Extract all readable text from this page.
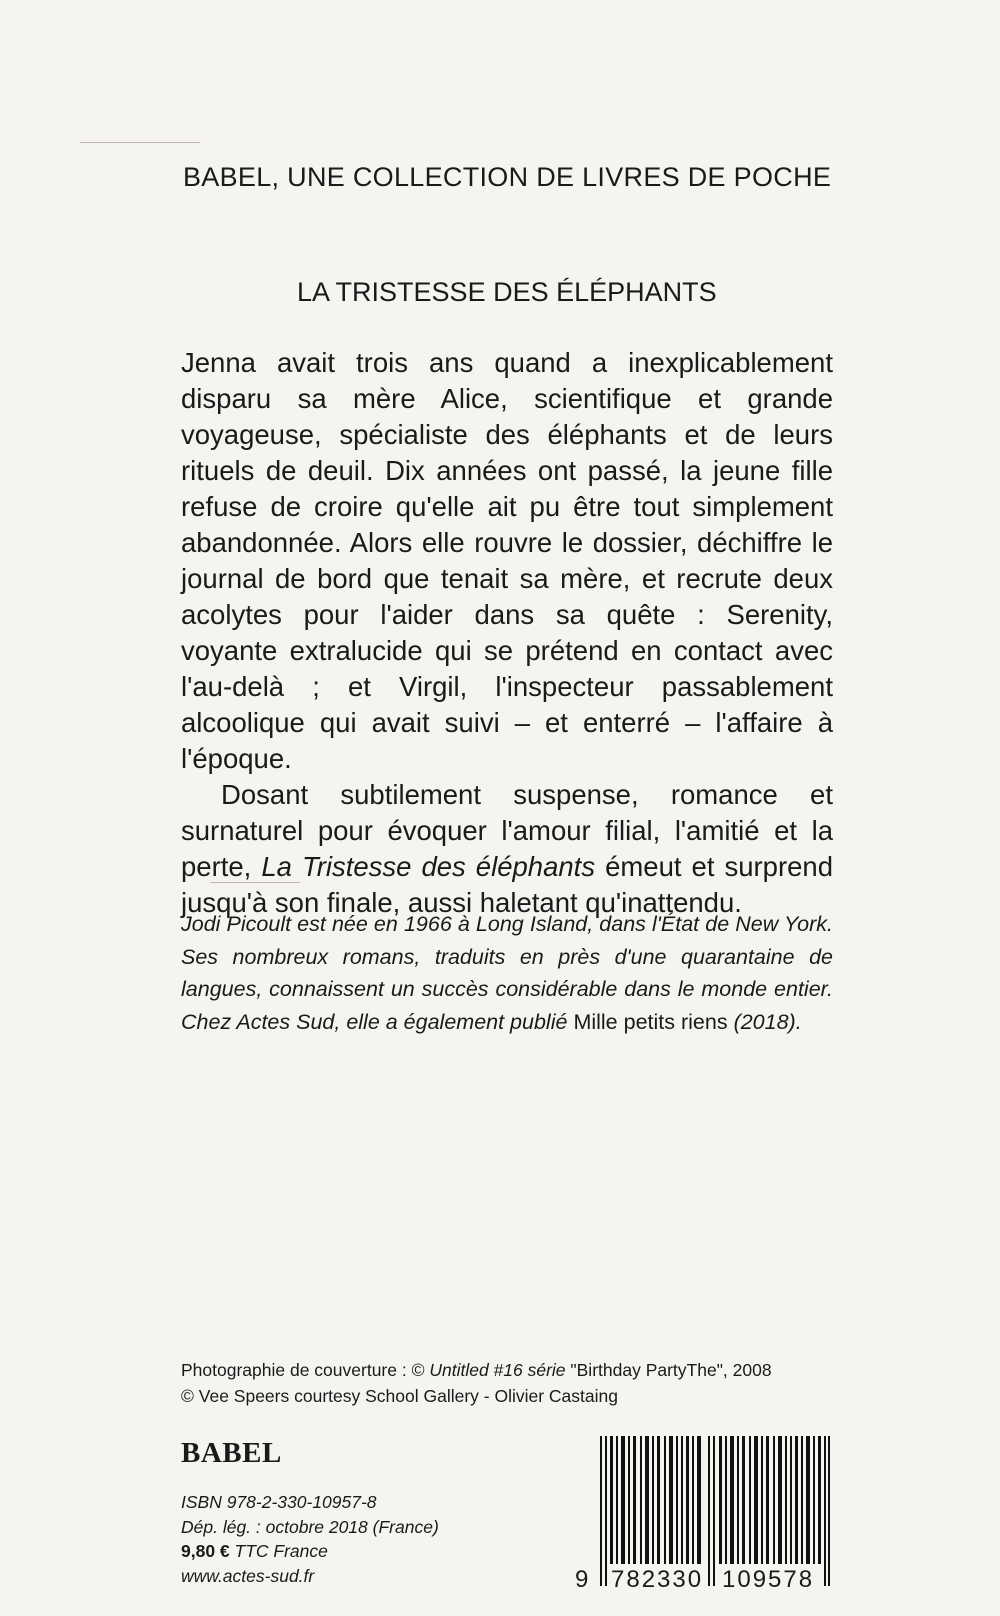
BABEL, UNE COLLECTION DE LIVRES DE POCHE
LA TRISTESSE DES ÉLÉPHANTS

Jenna avait trois ans quand a inexplicablement disparu sa mère Alice, scientifique et grande voyageuse, spécialiste des éléphants et de leurs rituels de deuil. Dix années ont passé, la jeune fille refuse de croire qu'elle ait pu être tout simplement abandonnée. Alors elle rouvre le dossier, déchiffre le journal de bord que tenait sa mère, et recrute deux acolytes pour l'aider dans sa quête : Serenity, voyante extralucide qui se prétend en contact avec l'au-delà ; et Virgil, l'inspecteur passablement alcoolique qui avait suivi – et enterré – l'affaire à l'époque.

Dosant subtilement suspense, romance et surnaturel pour évoquer l'amour filial, l'amitié et la perte, La Tristesse des éléphants émeut et surprend jusqu'à son finale, aussi haletant qu'inattendu.

Jodi Picoult est née en 1966 à Long Island, dans l'État de New York. Ses nombreux romans, traduits en près d'une quarantaine de langues, connaissent un succès considérable dans le monde entier. Chez Actes Sud, elle a également publié Mille petits riens (2018).

Photographie de couverture : © Untitled #16 série "Birthday PartyThe", 2008
© Vee Speers courtesy School Gallery - Olivier Castaing
BABEL
ISBN 978-2-330-10957-8
Dép. lég. : octobre 2018 (France)
9,80 € TTC France
www.actes-sud.fr	9 782330 109578
